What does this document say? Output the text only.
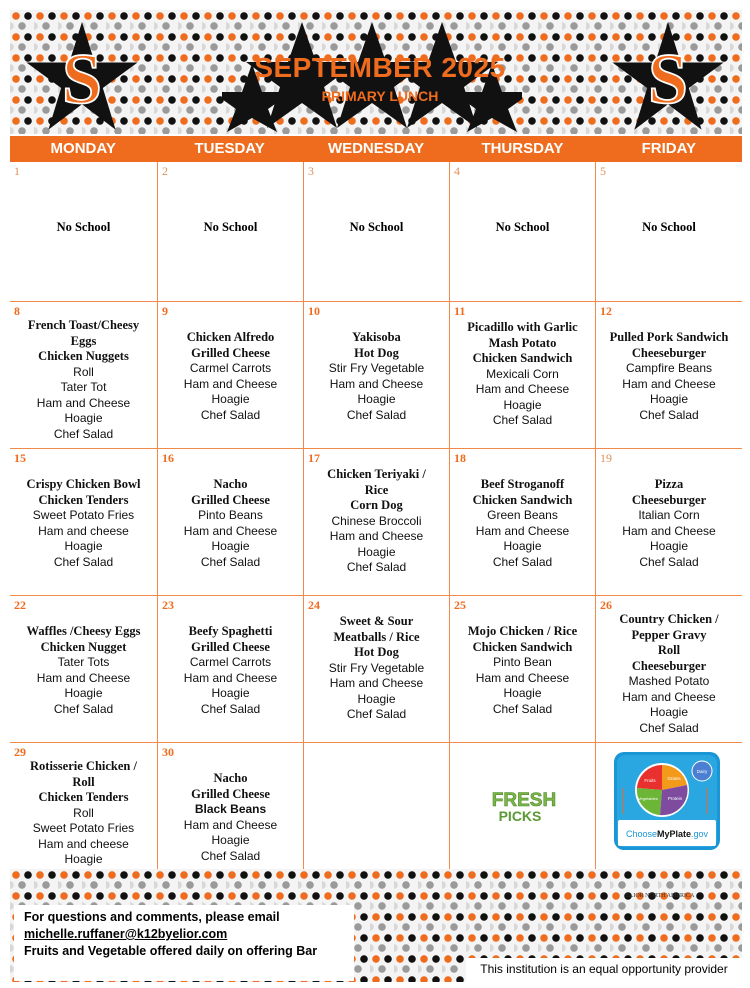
S	S
SEPTEMBER 2025
PRIMARY LUNCH
MONDAY	TUESDAY	WEDNESDAY	THURSDAY	FRIDAY
1
No School
2
No School
3
No School
4
No School
5
No School
8
French Toast/Cheesy
Eggs
Chicken Nuggets
Roll
Tater Tot
Ham and Cheese
Hoagie
Chef Salad
9
Chicken Alfredo
Grilled Cheese
Carmel Carrots
Ham and Cheese
Hoagie
Chef Salad
10
Yakisoba
Hot Dog
Stir Fry Vegetable
Ham and Cheese
Hoagie
Chef Salad
11
Picadillo with Garlic
Mash Potato
Chicken Sandwich
Mexicali Corn
Ham and Cheese
Hoagie
Chef Salad
12
Pulled Pork Sandwich
Cheeseburger
Campfire Beans
Ham and Cheese
Hoagie
Chef Salad
15
Crispy Chicken Bowl
Chicken Tenders
Sweet Potato Fries
Ham and cheese
Hoagie
Chef Salad
16
Nacho
Grilled Cheese
Pinto Beans
Ham and Cheese
Hoagie
Chef Salad
17
Chicken Teriyaki /
Rice
Corn Dog
Chinese Broccoli
Ham and Cheese
Hoagie
Chef Salad
18
Beef Stroganoff
Chicken Sandwich
Green Beans
Ham and Cheese
Hoagie
Chef Salad
19
Pizza
Cheeseburger
Italian Corn
Ham and Cheese
Hoagie
Chef Salad
22
Waffles /Cheesy Eggs
Chicken Nugget
Tater Tots
Ham and Cheese
Hoagie
Chef Salad
23
Beefy Spaghetti
Grilled Cheese
Carmel Carrots
Ham and Cheese
Hoagie
Chef Salad
24
Sweet & Sour
Meatballs / Rice
Hot Dog
Stir Fry Vegetable
Ham and Cheese
Hoagie
Chef Salad
25
Mojo Chicken / Rice
Chicken Sandwich
Pinto Bean
Ham and Cheese
Hoagie
Chef Salad
26
Country Chicken /
Pepper Gravy
Roll
Cheeseburger
Mashed Potato
Ham and Cheese
Hoagie
Chef Salad
29
Rotisserie Chicken /
Roll
Chicken Tenders
Roll
Sweet Potato Fries
Ham and cheese
Hoagie
30
Nacho
Grilled Cheese
Black Beans
Ham and Cheese
Hoagie
Chef Salad
For questions and comments, please email
michelle.ruffaner@k12byelior.com
Fruits and Vegetable offered daily on offering Bar
ELIOR NORTH AMERICA
This institution is an equal opportunity provider
FRESH
PICKS
Fruits	Grains
Vegetables Protein
Dairy
ChooseMyPlate.gov
